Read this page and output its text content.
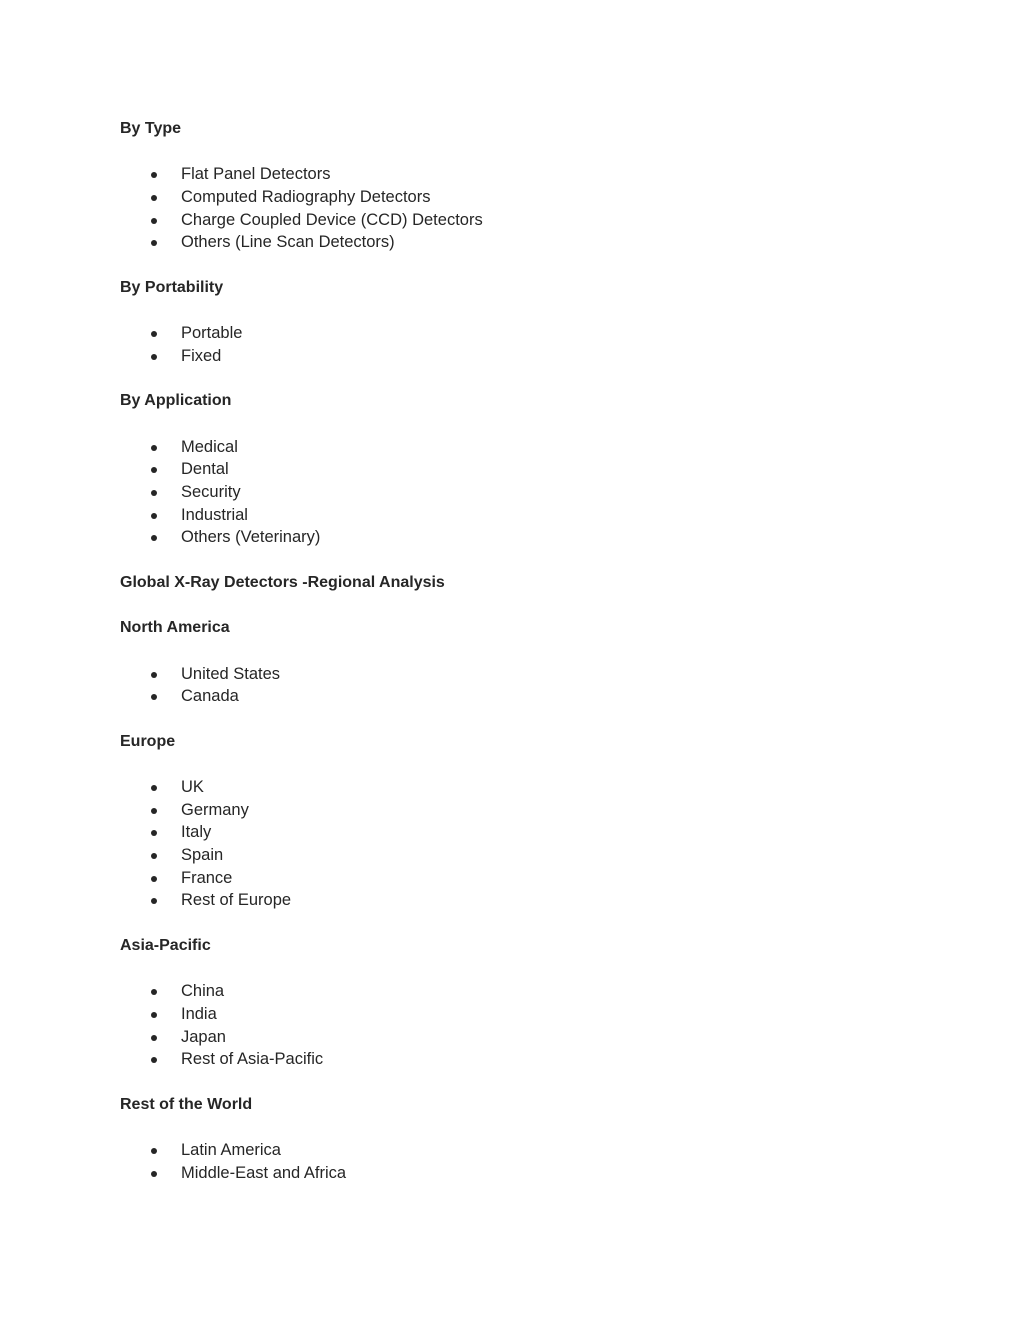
By Type
Flat Panel Detectors
Computed Radiography Detectors
Charge Coupled Device (CCD) Detectors
Others (Line Scan Detectors)
By Portability
Portable
Fixed
By Application
Medical
Dental
Security
Industrial
Others (Veterinary)
Global X-Ray Detectors -Regional Analysis
North America
United States
Canada
Europe
UK
Germany
Italy
Spain
France
Rest of Europe
Asia-Pacific
China
India
Japan
Rest of Asia-Pacific
Rest of the World
Latin America
Middle-East and Africa
